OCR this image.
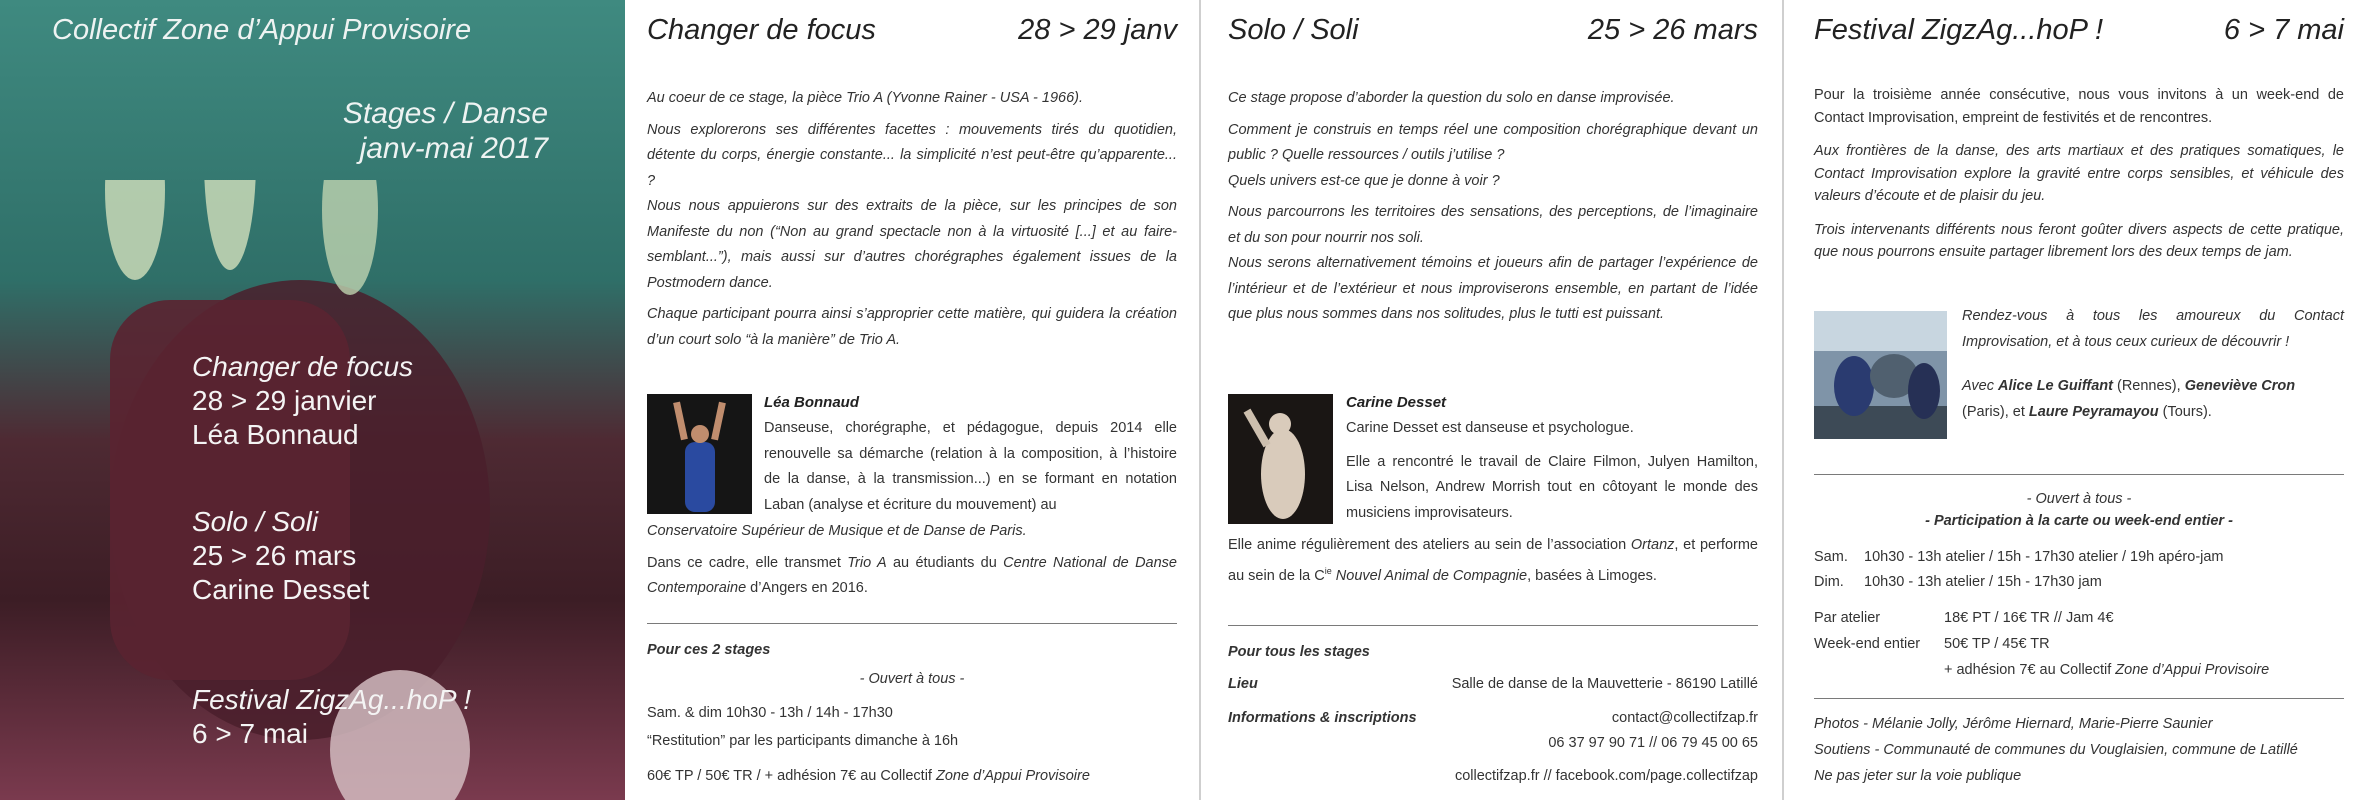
Collectif Zone d’Appui Provisoire
Stages / Danse
janv-mai 2017
Changer de focus
28 > 29 janvier
Léa Bonnaud
Solo / Soli
25 > 26 mars
Carine Desset
Festival ZigzAg...hoP !
6 > 7 mai
Changer de focus	28 > 29 janv

Au coeur de ce stage, la pièce Trio A (Yvonne Rainer - USA - 1966).

Nous explorerons ses différentes facettes : mouvements tirés du quotidien, détente du corps, énergie constante... la simplicité n’est peut-être qu’apparente... ?

Nous nous appuierons sur des extraits de la pièce, sur les principes de son Manifeste du non (“Non au grand spectacle non à la virtuosité [...] et au faire-semblant...”), mais aussi sur d’autres chorégraphes également issues de la Postmodern dance.

Chaque participant pourra ainsi s’approprier cette matière, qui guidera la création d’un court solo “à la manière” de Trio A.

Léa Bonnaud
Danseuse, chorégraphe, et pédagogue, depuis 2014 elle renouvelle sa démarche (relation à la composition, à l’histoire de la danse, à la transmission...) en se formant en notation Laban (analyse et écriture du mouvement) au

Conservatoire Supérieur de Musique et de Danse de Paris.

Dans ce cadre, elle transmet Trio A au étudiants du Centre National de Danse Contemporaine d’Angers en 2016.

Pour ces 2 stages
- Ouvert à tous -
Sam. & dim 10h30 - 13h / 14h - 17h30
“Restitution” par les participants dimanche à 16h
60€ TP / 50€ TR / + adhésion 7€ au Collectif Zone d’Appui Provisoire
Solo / Soli	25 > 26 mars

Ce stage propose d’aborder la question du solo en danse improvisée.

Comment je construis en temps réel une composition chorégraphique devant un public ? Quelle ressources / outils j’utilise ?

Quels univers est-ce que je donne à voir ?

Nous parcourrons les territoires des sensations, des perceptions, de l’imaginaire et du son pour nourrir nos soli.

Nous serons alternativement témoins et joueurs afin de partager l’expérience de l’intérieur et de l’extérieur et nous improviserons ensemble, en partant de l’idée que plus nous sommes dans nos solitudes, plus le tutti est puissant.

Carine Desset
Carine Desset est danseuse et psychologue.
Elle a rencontré le travail de Claire Filmon, Julyen Hamilton, Lisa Nelson, Andrew Morrish tout en côtoyant le monde des musiciens improvisateurs.

Elle anime régulièrement des ateliers au sein de l’association Ortanz, et performe au sein de la $C^{ie}$ Nouvel Animal de Compagnie, basées à Limoges.

Pour tous les stages
Lieu	Salle de danse de la Mauvetterie - 86190 Latillé
Informations & inscriptions	contact@collectifzap.fr
06 37 97 90 71 // 06 79 45 00 65
collectifzap.fr // facebook.com/page.collectifzap
Festival ZigzAg...hoP !	6 > 7 mai

Pour la troisième année consécutive, nous vous invitons à un week-end de Contact Improvisation, empreint de festivités et de rencontres.

Aux frontières de la danse, des arts martiaux et des pratiques somatiques, le Contact Improvisation explore la gravité entre corps sensibles, et véhicule des valeurs d’écoute et de plaisir du jeu.

Trois intervenants différents nous feront goûter divers aspects de cette pratique, que nous pourrons ensuite partager librement lors des deux temps de jam.

Rendez-vous à tous les amoureux du Contact Improvisation, et à tous ceux curieux de découvrir !
Avec Alice Le Guiffant (Rennes), Geneviève Cron (Paris), et Laure Peyramayou (Tours).
- Ouvert à tous -
- Participation à la carte ou week-end entier -
Sam. 10h30 - 13h atelier / 15h - 17h30 atelier / 19h apéro-jam
Dim. 10h30 - 13h atelier / 15h - 17h30 jam
Par atelier	18€ PT / 16€ TR // Jam 4€
Week-end entier 50€ TP / 45€ TR
+ adhésion 7€ au Collectif Zone d’Appui Provisoire
Photos - Mélanie Jolly, Jérôme Hiernard, Marie-Pierre Saunier
Soutiens - Communauté de communes du Vouglaisien, commune de Latillé
Ne pas jeter sur la voie publique
